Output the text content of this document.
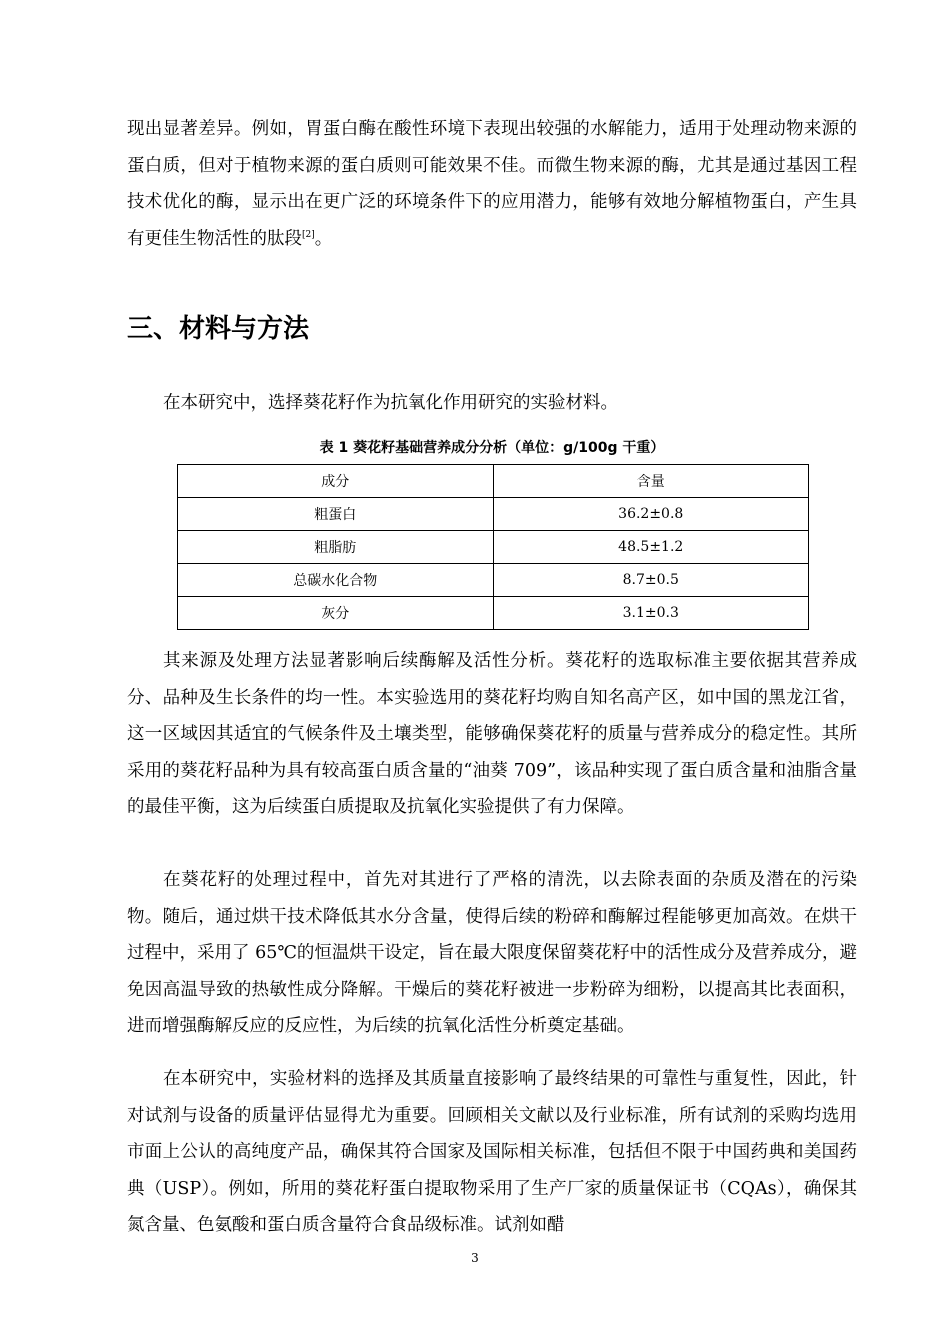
现出显著差异。例如，胃蛋白酶在酸性环境下表现出较强的水解能力，适用于处理动物来源的蛋白质，但对于植物来源的蛋白质则可能效果不佳。而微生物来源的酶，尤其是通过基因工程技术优化的酶，显示出在更广泛的环境条件下的应用潜力，能够有效地分解植物蛋白，产生具有更佳生物活性的肽段[2]。

三、材料与方法

在本研究中，选择葵花籽作为抗氧化作用研究的实验材料。

表 1 葵花籽基础营养成分分析（单位：g/100g 干重）

成分	含量
粗蛋白	36.2±0.8
粗脂肪	48.5±1.2
总碳水化合物	8.7±0.5
灰分	3.1±0.3

其来源及处理方法显著影响后续酶解及活性分析。葵花籽的选取标准主要依据其营养成分、品种及生长条件的均一性。本实验选用的葵花籽均购自知名高产区，如中国的黑龙江省，这一区域因其适宜的气候条件及土壤类型，能够确保葵花籽的质量与营养成分的稳定性。其所采用的葵花籽品种为具有较高蛋白质含量的“油葵 709”，该品种实现了蛋白质含量和油脂含量的最佳平衡，这为后续蛋白质提取及抗氧化实验提供了有力保障。

在葵花籽的处理过程中，首先对其进行了严格的清洗，以去除表面的杂质及潜在的污染物。随后，通过烘干技术降低其水分含量，使得后续的粉碎和酶解过程能够更加高效。在烘干过程中，采用了 65℃的恒温烘干设定，旨在最大限度保留葵花籽中的活性成分及营养成分，避免因高温导致的热敏性成分降解。干燥后的葵花籽被进一步粉碎为细粉，以提高其比表面积，进而增强酶解反应的反应性，为后续的抗氧化活性分析奠定基础。

在本研究中，实验材料的选择及其质量直接影响了最终结果的可靠性与重复性，因此，针对试剂与设备的质量评估显得尤为重要。回顾相关文献以及行业标准，所有试剂的采购均选用市面上公认的高纯度产品，确保其符合国家及国际相关标准，包括但不限于中国药典和美国药典（USP）。例如，所用的葵花籽蛋白提取物采用了生产厂家的质量保证书（CQAs），确保其氮含量、色氨酸和蛋白质含量符合食品级标准。试剂如醋

3
